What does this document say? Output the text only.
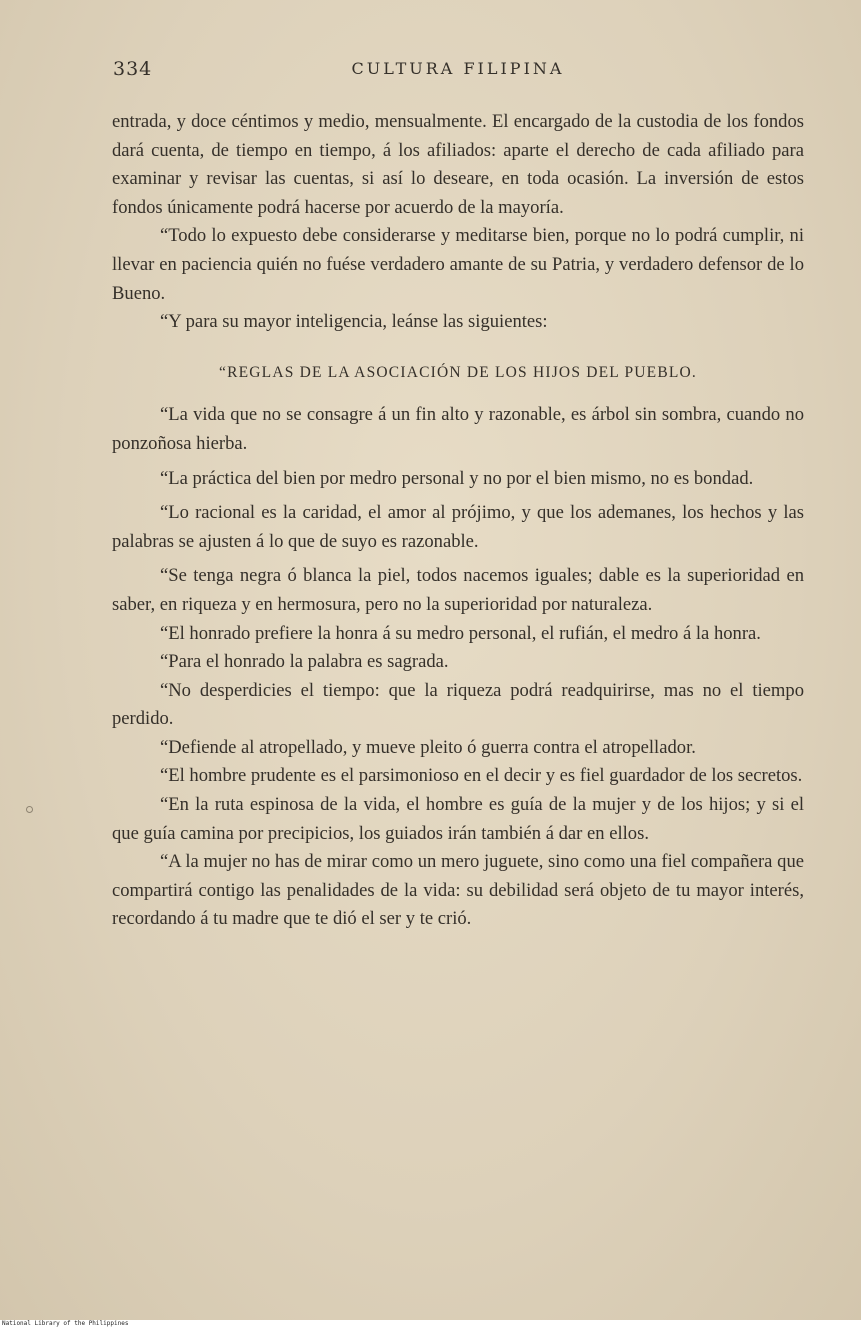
334	CULTURA FILIPINA

entrada, y doce céntimos y medio, mensualmente. El encargado de la custodia de los fondos dará cuenta, de tiempo en tiempo, á los afiliados: aparte el derecho de cada afiliado para examinar y revisar las cuentas, si así lo deseare, en toda ocasión. La inversión de estos fondos únicamente podrá hacerse por acuerdo de la mayoría.

“Todo lo expuesto debe considerarse y meditarse bien, porque no lo podrá cumplir, ni llevar en paciencia quién no fuése verdadero amante de su Patria, y verdadero defensor de lo Bueno.

“Y para su mayor inteligencia, leánse las siguientes:

“REGLAS DE LA ASOCIACIÓN DE LOS HIJOS DEL PUEBLO.

“La vida que no se consagre á un fin alto y razonable, es árbol sin sombra, cuando no ponzoñosa hierba.

“La práctica del bien por medro personal y no por el bien mismo, no es bondad.

“Lo racional es la caridad, el amor al prójimo, y que los ademanes, los hechos y las palabras se ajusten á lo que de suyo es razonable.

“Se tenga negra ó blanca la piel, todos nacemos iguales; dable es la superioridad en saber, en riqueza y en hermosura, pero no la superioridad por naturaleza.

“El honrado prefiere la honra á su medro personal, el rufián, el medro á la honra.

“Para el honrado la palabra es sagrada.

“No desperdicies el tiempo: que la riqueza podrá readquirirse, mas no el tiempo perdido.

“Defiende al atropellado, y mueve pleito ó guerra contra el atropellador.

“El hombre prudente es el parsimonioso en el decir y es fiel guardador de los secretos.

“En la ruta espinosa de la vida, el hombre es guía de la mujer y de los hijos; y si el que guía camina por precipicios, los guiados irán también á dar en ellos.

“A la mujer no has de mirar como un mero juguete, sino como una fiel compañera que compartirá contigo las penalidades de la vida: su debilidad será objeto de tu mayor interés, recordando á tu madre que te dió el ser y te crió.

National Library of the Philippines
